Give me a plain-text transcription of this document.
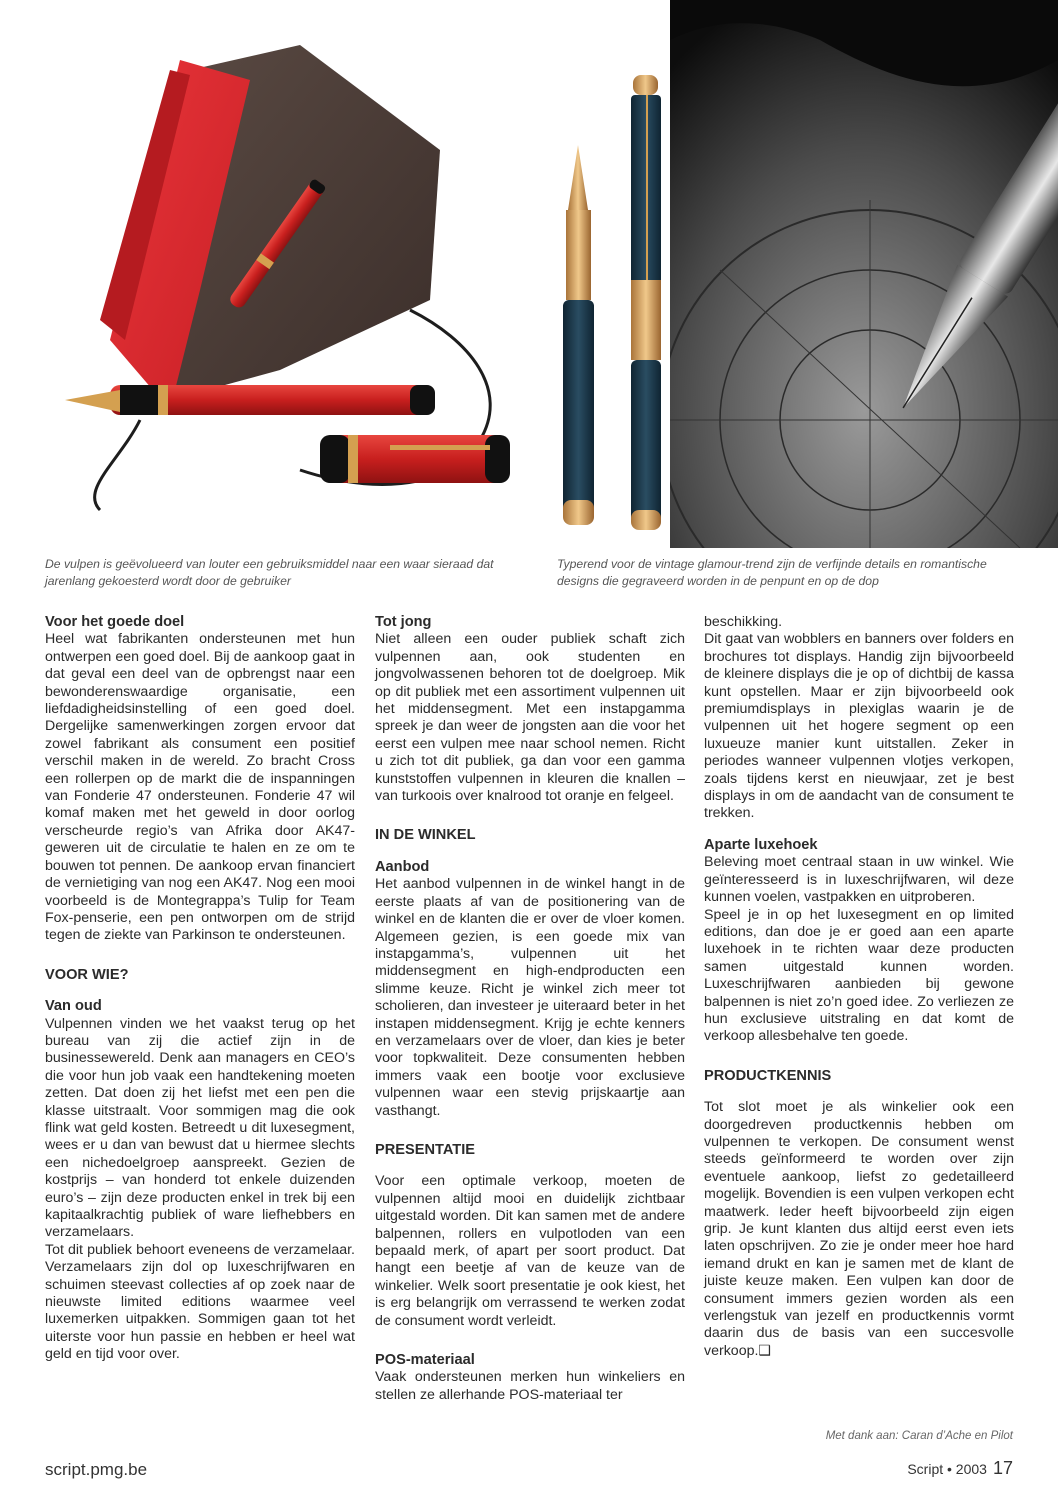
De vulpen is geëvolueerd van louter een gebruiksmiddel naar een waar sieraad dat jarenlang gekoesterd wordt door de gebruiker
Typerend voor de vintage glamour-trend zijn de verfijnde details en romantische designs die gegraveerd worden in de penpunt en op de dop

Voor het goede doel

Heel wat fabrikanten ondersteunen met hun ontwerpen een goed doel. Bij de aankoop gaat in dat geval een deel van de opbrengst naar een bewonderenswaardige organisatie, een liefdadigheidsinstelling of een goed doel. Dergelijke samenwerkingen zorgen ervoor dat zowel fabrikant als consument een positief verschil maken in de wereld. Zo bracht Cross een rollerpen op de markt die de inspanningen van Fonderie 47 ondersteunen. Fonderie 47 wil komaf maken met het geweld in door oorlog verscheurde regio’s van Afrika door AK47-geweren uit de circulatie te halen en ze om te bouwen tot pennen. De aankoop ervan financiert de vernietiging van nog een AK47. Nog een mooi voorbeeld is de Montegrappa’s Tulip for Team Fox-penserie, een pen ontworpen om de strijd tegen de ziekte van Parkinson te ondersteunen.

VOOR WIE?

Van oud

Vulpennen vinden we het vaakst terug op het bureau van zij die actief zijn in de businessewereld. Denk aan managers en CEO’s die voor hun job vaak een handtekening moeten zetten. Dat doen zij het liefst met een pen die klasse uitstraalt. Voor sommigen mag die ook flink wat geld kosten. Betreedt u dit luxesegment, wees er u dan van bewust dat u hiermee slechts een nichedoelgroep aanspreekt. Gezien de kostprijs – van honderd tot enkele duizenden euro’s – zijn deze producten enkel in trek bij een kapitaalkrachtig publiek of ware liefhebbers en verzamelaars.

Tot dit publiek behoort eveneens de verzamelaar. Verzamelaars zijn dol op luxeschrijfwaren en schuimen steevast collecties af op zoek naar de nieuwste limited editions waarmee veel luxemerken uitpakken. Sommigen gaan tot het uiterste voor hun passie en hebben er heel wat geld en tijd voor over.

Tot jong

Niet alleen een ouder publiek schaft zich vulpennen aan, ook studenten en jongvolwassenen behoren tot de doelgroep. Mik op dit publiek met een assortiment vulpennen uit het middensegment. Met een instapgamma spreek je dan weer de jongsten aan die voor het eerst een vulpen mee naar school nemen. Richt u zich tot dit publiek, ga dan voor een gamma kunststoffen vulpennen in kleuren die knallen – van turkoois over knalrood tot oranje en felgeel.

IN DE WINKEL

Aanbod

Het aanbod vulpennen in de winkel hangt in de eerste plaats af van de positionering van de winkel en de klanten die er over de vloer komen. Algemeen gezien, is een goede mix van instapgamma’s, vulpennen uit het middensegment en high-endproducten een slimme keuze. Richt je winkel zich meer tot scholieren, dan investeer je uiteraard beter in het instapen middensegment. Krijg je echte kenners en verzamelaars over de vloer, dan kies je beter voor topkwaliteit. Deze consumenten hebben immers vaak een bootje voor exclusieve vulpennen waar een stevig prijskaartje aan vasthangt.

PRESENTATIE

Voor een optimale verkoop, moeten de vulpennen altijd mooi en duidelijk zichtbaar uitgestald worden. Dit kan samen met de andere balpennen, rollers en vulpotloden van een bepaald merk, of apart per soort product. Dat hangt een beetje af van de keuze van de winkelier. Welk soort presentatie je ook kiest, het is erg belangrijk om verrassend te werken zodat de consument wordt verleidt.

POS-materiaal

Vaak ondersteunen merken hun winkeliers en stellen ze allerhande POS-materiaal ter

beschikking.

Dit gaat van wobblers en banners over folders en brochures tot displays. Handig zijn bijvoorbeeld de kleinere displays die je op of dichtbij de kassa kunt opstellen. Maar er zijn bijvoorbeeld ook premiumdisplays in plexiglas waarin je de vulpennen uit het hogere segment op een luxueuze manier kunt uitstallen. Zeker in periodes wanneer vulpennen vlotjes verkopen, zoals tijdens kerst en nieuwjaar, zet je best displays in om de aandacht van de consument te trekken.

Aparte luxehoek

Beleving moet centraal staan in uw winkel. Wie geïnteresseerd is in luxeschrijfwaren, wil deze kunnen voelen, vastpakken en uitproberen.

Speel je in op het luxesegment en op limited editions, dan doe je er goed aan een aparte luxehoek in te richten waar deze producten samen uitgestald kunnen worden. Luxeschrijfwaren aanbieden bij gewone balpennen is niet zo’n goed idee. Zo verliezen ze hun exclusieve uitstraling en dat komt de verkoop allesbehalve ten goede.

PRODUCTKENNIS

Tot slot moet je als winkelier ook een doorgedreven productkennis hebben om vulpennen te verkopen. De consument wenst steeds geïnformeerd te worden over zijn eventuele aankoop, liefst zo gedetailleerd mogelijk. Bovendien is een vulpen verkopen echt maatwerk. Ieder heeft bijvoorbeeld zijn eigen grip. Je kunt klanten dus altijd eerst even iets laten opschrijven. Zo zie je onder meer hoe hard iemand drukt en kan je samen met de klant de juiste keuze maken. Een vulpen kan door de consument immers gezien worden als een verlengstuk van jezelf en productkennis vormt daarin dus de basis van een succesvolle verkoop.❑

Met dank aan: Caran d’Ache en Pilot
script.pmg.be	Script • 2003 17
